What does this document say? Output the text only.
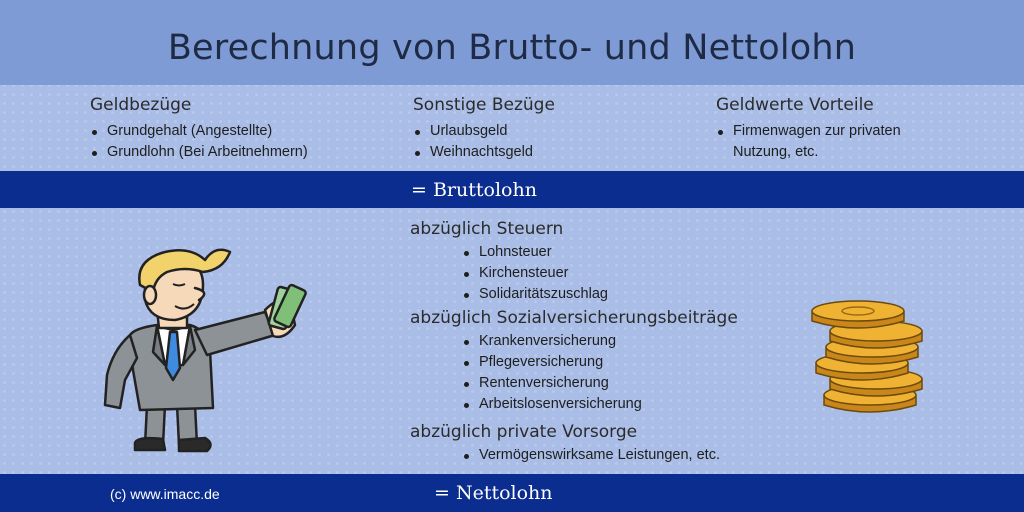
Berechnung von Brutto- und Nettolohn
Geldbezüge
Grundgehalt (Angestellte)
Grundlohn (Bei Arbeitnehmern)
Sonstige Bezüge
Urlaubsgeld
Weihnachtsgeld
Geldwerte Vorteile
Firmenwagen zur privaten
Nutzung, etc.
= Bruttolohn
abzüglich Steuern
Lohnsteuer
Kirchensteuer
Solidaritätszuschlag
abzüglich Sozialversicherungsbeiträge
Krankenversicherung
Pflegeversicherung
Rentenversicherung
Arbeitslosenversicherung
abzüglich private Vorsorge
Vermögenswirksame Leistungen, etc.
(c) www.imacc.de	= Nettolohn
